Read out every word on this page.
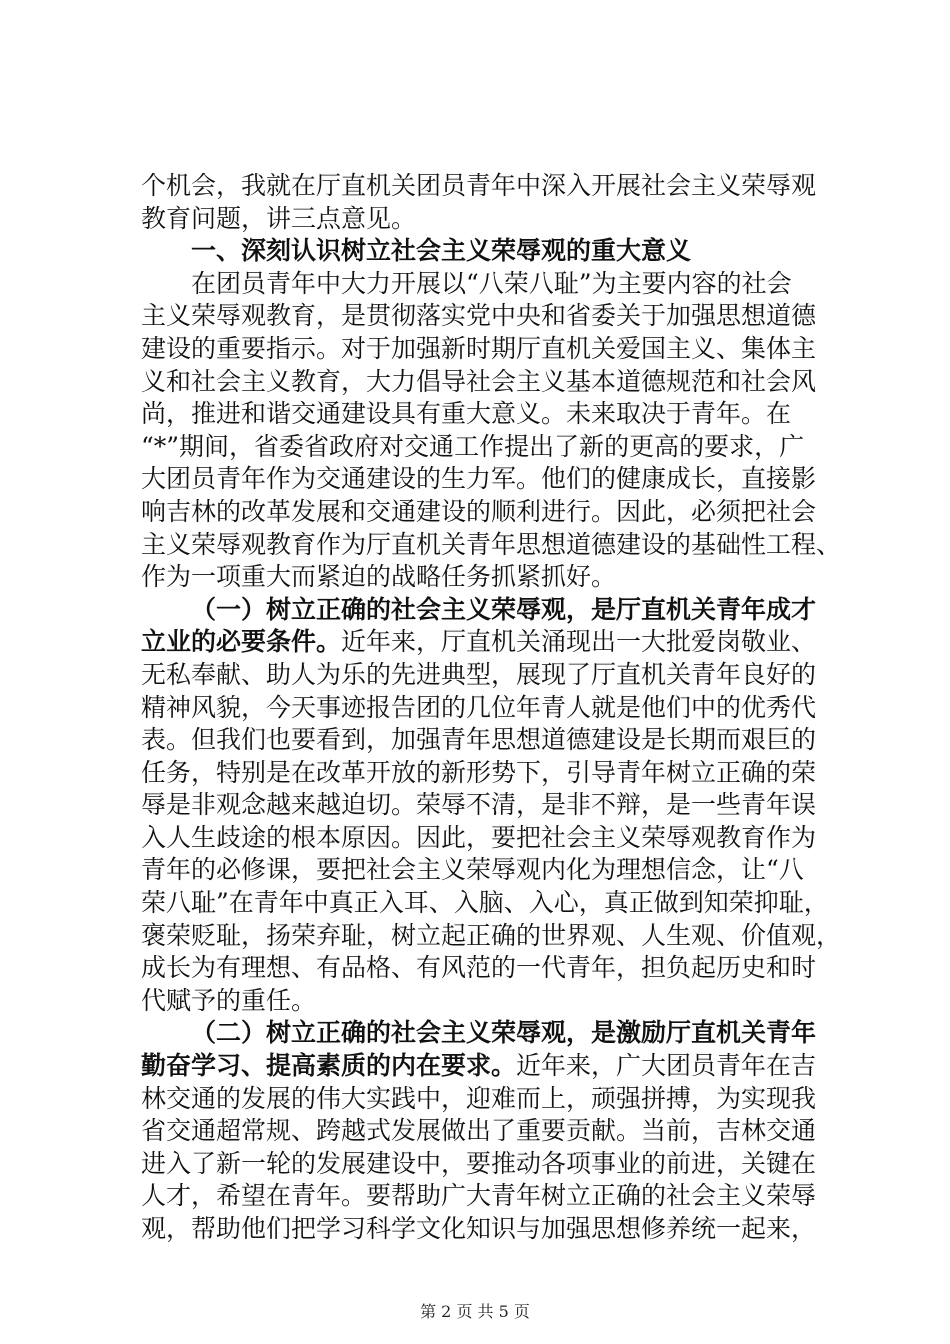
个机会，我就在厅直机关团员青年中深入开展社会主义荣辱观
教育问题，讲三点意见。
一、深刻认识树立社会主义荣辱观的重大意义
在团员青年中大力开展以“八荣八耻”为主要内容的社会
主义荣辱观教育，是贯彻落实党中央和省委关于加强思想道德
建设的重要指示。对于加强新时期厅直机关爱国主义、集体主
义和社会主义教育，大力倡导社会主义基本道德规范和社会风
尚，推进和谐交通建设具有重大意义。未来取决于青年。在
“*”期间，省委省政府对交通工作提出了新的更高的要求，广
大团员青年作为交通建设的生力军。他们的健康成长，直接影
响吉林的改革发展和交通建设的顺利进行。因此，必须把社会
主义荣辱观教育作为厅直机关青年思想道德建设的基础性工程、
作为一项重大而紧迫的战略任务抓紧抓好。
（一）树立正确的社会主义荣辱观，是厅直机关青年成才
立业的必要条件。近年来，厅直机关涌现出一大批爱岗敬业、
无私奉献、助人为乐的先进典型，展现了厅直机关青年良好的
精神风貌，今天事迹报告团的几位年青人就是他们中的优秀代
表。但我们也要看到，加强青年思想道德建设是长期而艰巨的
任务，特别是在改革开放的新形势下，引导青年树立正确的荣
辱是非观念越来越迫切。荣辱不清，是非不辩，是一些青年误
入人生歧途的根本原因。因此，要把社会主义荣辱观教育作为
青年的必修课，要把社会主义荣辱观内化为理想信念，让“八
荣八耻”在青年中真正入耳、入脑、入心，真正做到知荣抑耻，
褒荣贬耻，扬荣弃耻，树立起正确的世界观、人生观、价值观，
成长为有理想、有品格、有风范的一代青年，担负起历史和时
代赋予的重任。
（二）树立正确的社会主义荣辱观，是激励厅直机关青年
勤奋学习、提高素质的内在要求。近年来，广大团员青年在吉
林交通的发展的伟大实践中，迎难而上，顽强拼搏，为实现我
省交通超常规、跨越式发展做出了重要贡献。当前，吉林交通
进入了新一轮的发展建设中，要推动各项事业的前进，关键在
人才，希望在青年。要帮助广大青年树立正确的社会主义荣辱
观，帮助他们把学习科学文化知识与加强思想修养统一起来，
第 2 页 共 5 页
